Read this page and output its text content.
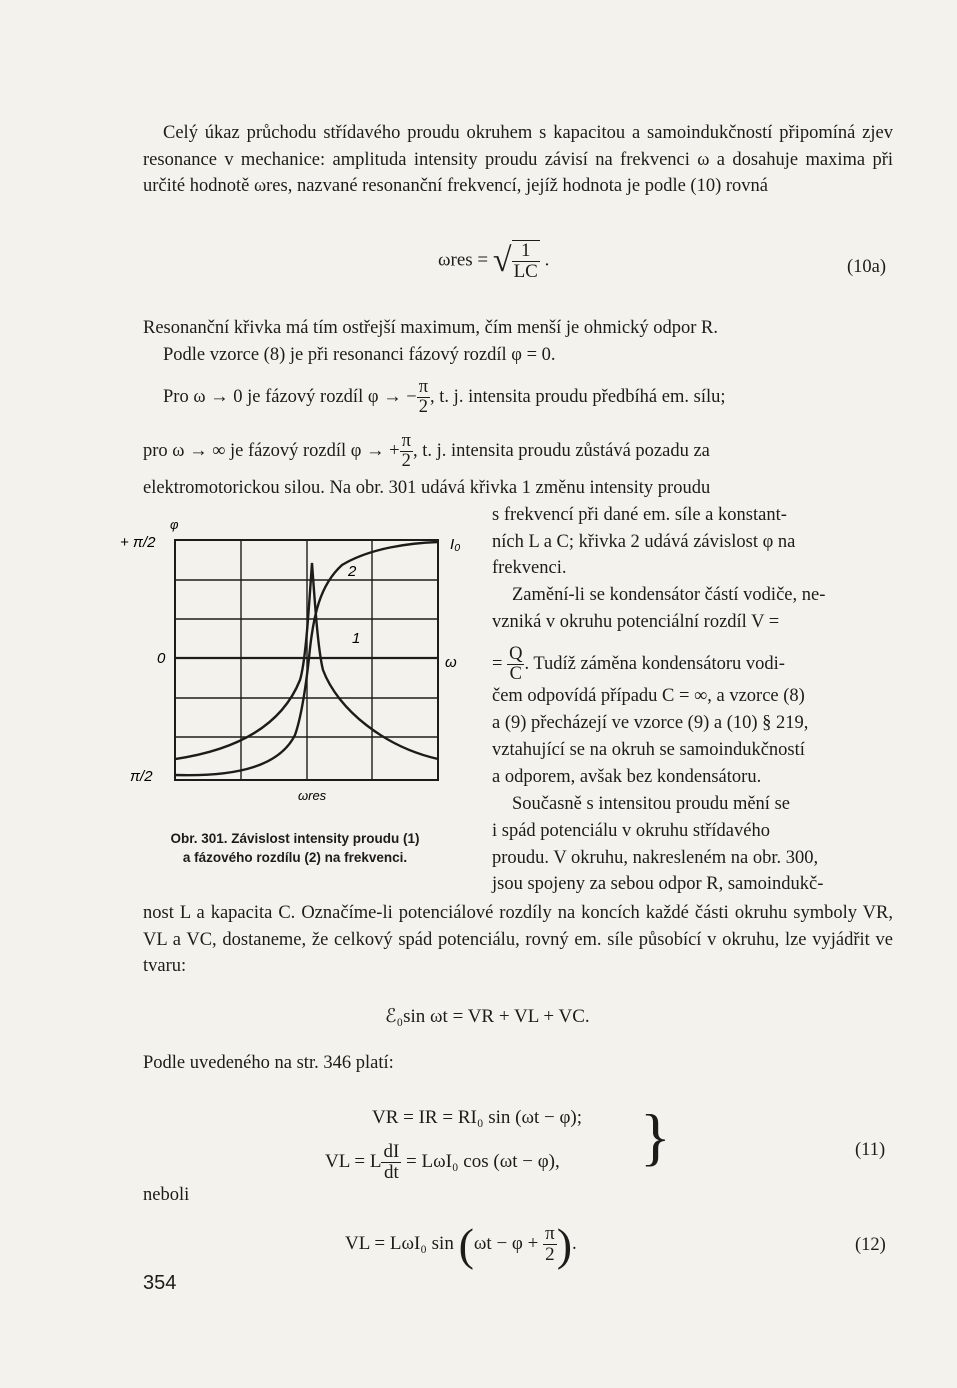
Celý úkaz průchodu střídavého proudu okruhem s kapacitou a samoindukčností připomíná zjev resonance v mechanice: amplituda intensity proudu závisí na frekvenci ω a dosahuje maxima při určité hodnotě ωres, nazvané resonanční frekvencí, jejíž hodnota je podle (10) rovná
ωres = √ $\frac{1}{LC}$ .	(10a)
Resonanční křivka má tím ostřejší maximum, čím menší je ohmický odpor R.
Podle vzorce (8) je při resonanci fázový rozdíl φ = 0.
Pro ω → 0 je fázový rozdíl φ → − $\frac{\pi}{2}$ , t. j. intensita proudu předbíhá em. sílu;
pro ω → ∞ je fázový rozdíl φ → + $\frac{\pi}{2}$ , t. j. intensita proudu zůstává pozadu za
elektromotorickou silou. Na obr. 301 udává křivka 1 změnu intensity proudu
s frekvencí při dané em. síle a konstant-
ních L a C; křivka 2 udává závislost φ na
frekvenci.
Zamění-li se kondensátor částí vodiče, ne-
vzniká v okruhu potenciální rozdíl V =
= $\frac{Q}{C}$ . Tudíž záměna kondensátoru vodi-
čem odpovídá případu C = ∞, a vzorce (8)
a (9) přecházejí ve vzorce (9) a (10) § 219,
vztahující se na okruh se samoindukčností
a odporem, avšak bez kondensátoru.
Současně s intensitou proudu mění se
i spád potenciálu v okruhu střídavého
proudu. V okruhu, nakresleném na obr. 300,
jsou spojeny za sebou odpor R, samoindukč-
φ
+ π/2
0
π/2
I₀
ω
ωres
1
2
Obr. 301. Závislost intensity proudu (1)
a fázového rozdílu (2) na frekvenci.
nost L a kapacita C. Označíme-li potenciálové rozdíly na koncích každé části okruhu symboly VR, VL a VC, dostaneme, že celkový spád potenciálu, rovný em. síle působící v okruhu, lze vyjádřit ve tvaru:
ℰ₀sin ωt = VR + VL + VC.
Podle uvedeného na str. 346 platí:
VR = IR = RI₀ sin (ωt − φ);
VL = L $\frac{dI}{dt} = L\omega I_0$ cos (ωt − φ), }	(11)
neboli
VL = LωI₀ $\sin (\omega t - \varphi + \frac{\pi}{2}$ ).	(12)
354
